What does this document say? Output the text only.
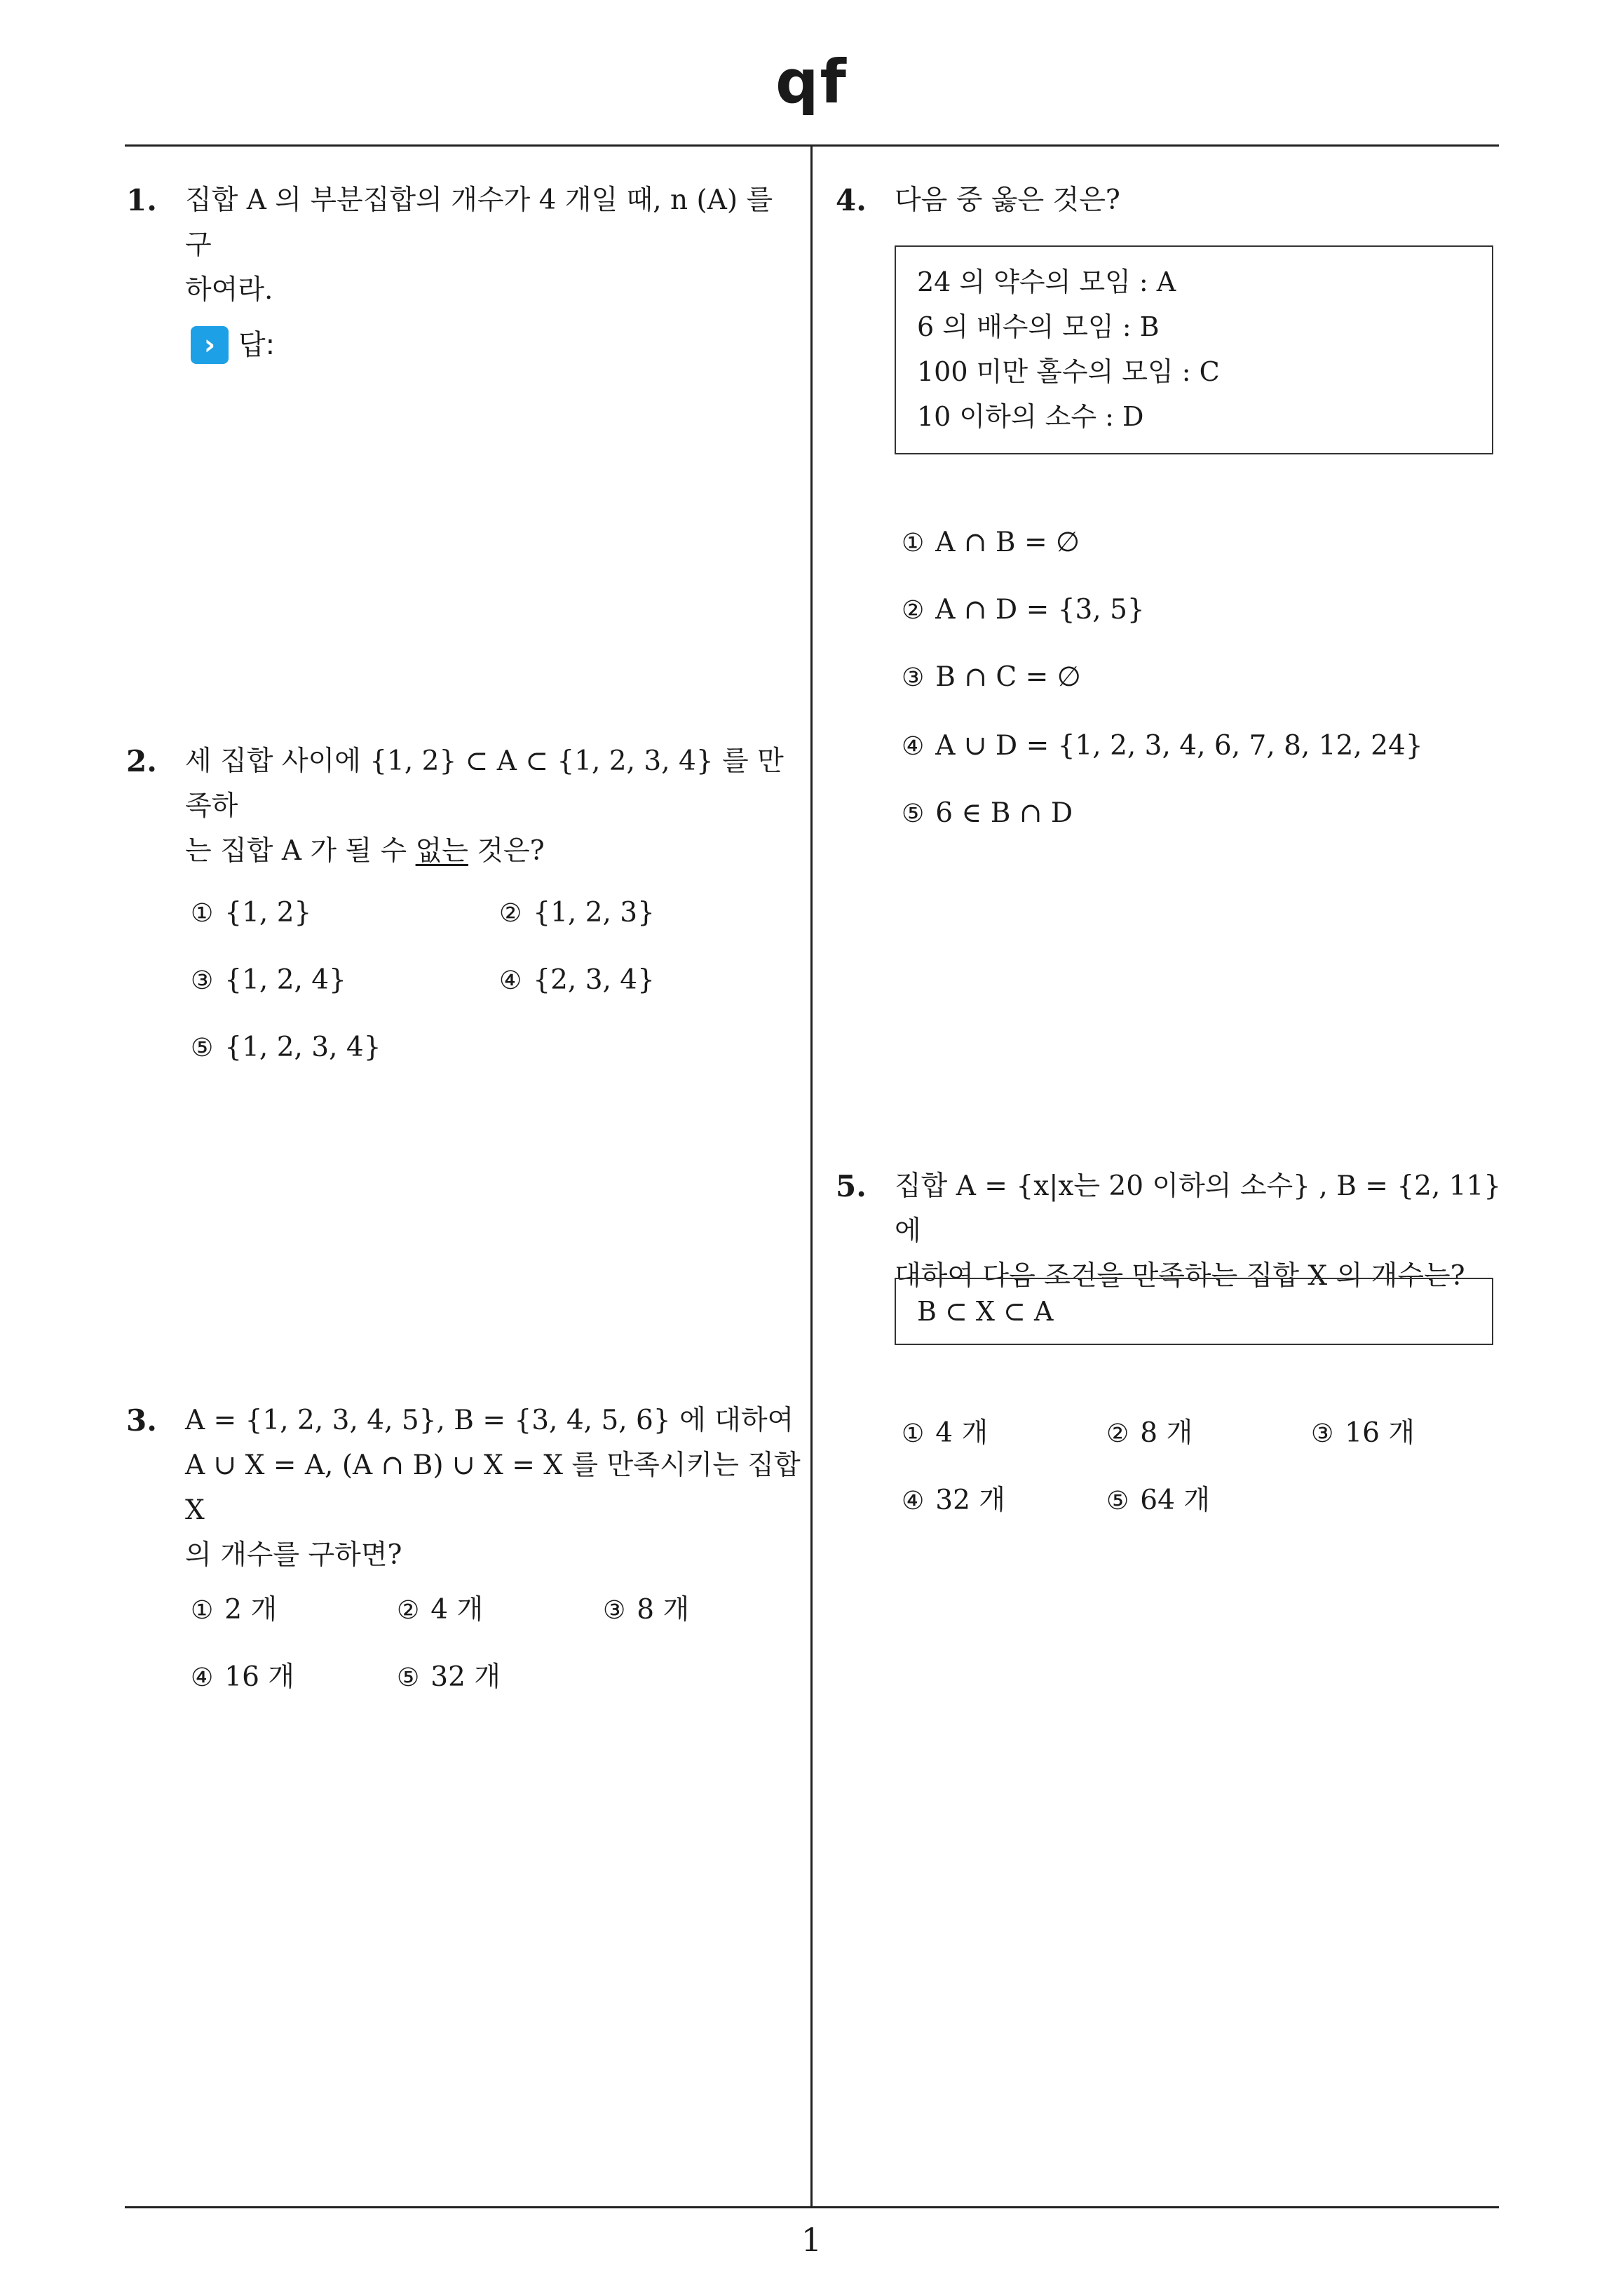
qf
1
1. 집합 A 의 부분집합의 개수가 4 개일 때, n (A) 를 구

하여라.

› 답:
2. 세 집합 사이에 {1, 2} ⊂ A ⊂ {1, 2, 3, 4} 를 만족하

는 집합 A 가 될 수 없는 것은?

① {1, 2}	② {1, 2, 3}
③ {1, 2, 4}	④ {2, 3, 4}
⑤ {1, 2, 3, 4}
3. A = {1, 2, 3, 4, 5}, B = {3, 4, 5, 6} 에 대하여

A ∪ X = A, (A ∩ B) ∪ X = X 를 만족시키는 집합 X

의 개수를 구하면?

① 2 개	② 4 개	③ 8 개
④ 16 개	⑤ 32 개
4. 다음 중 옳은 것은?

24 의 약수의 모임 : A
6 의 배수의 모임 : B
100 미만 홀수의 모임 : C
10 이하의 소수 : D
① A ∩ B = ∅
② A ∩ D = {3, 5}
③ B ∩ C = ∅
④ A ∪ D = {1, 2, 3, 4, 6, 7, 8, 12, 24}
⑤ 6 ∈ B ∩ D
5. 집합 A = {x|x는 20 이하의 소수} , B = {2, 11} 에

대하여 다음 조건을 만족하는 집합 X 의 개수는?

B ⊂ X ⊂ A
① 4 개	② 8 개	③ 16 개
④ 32 개	⑤ 64 개
